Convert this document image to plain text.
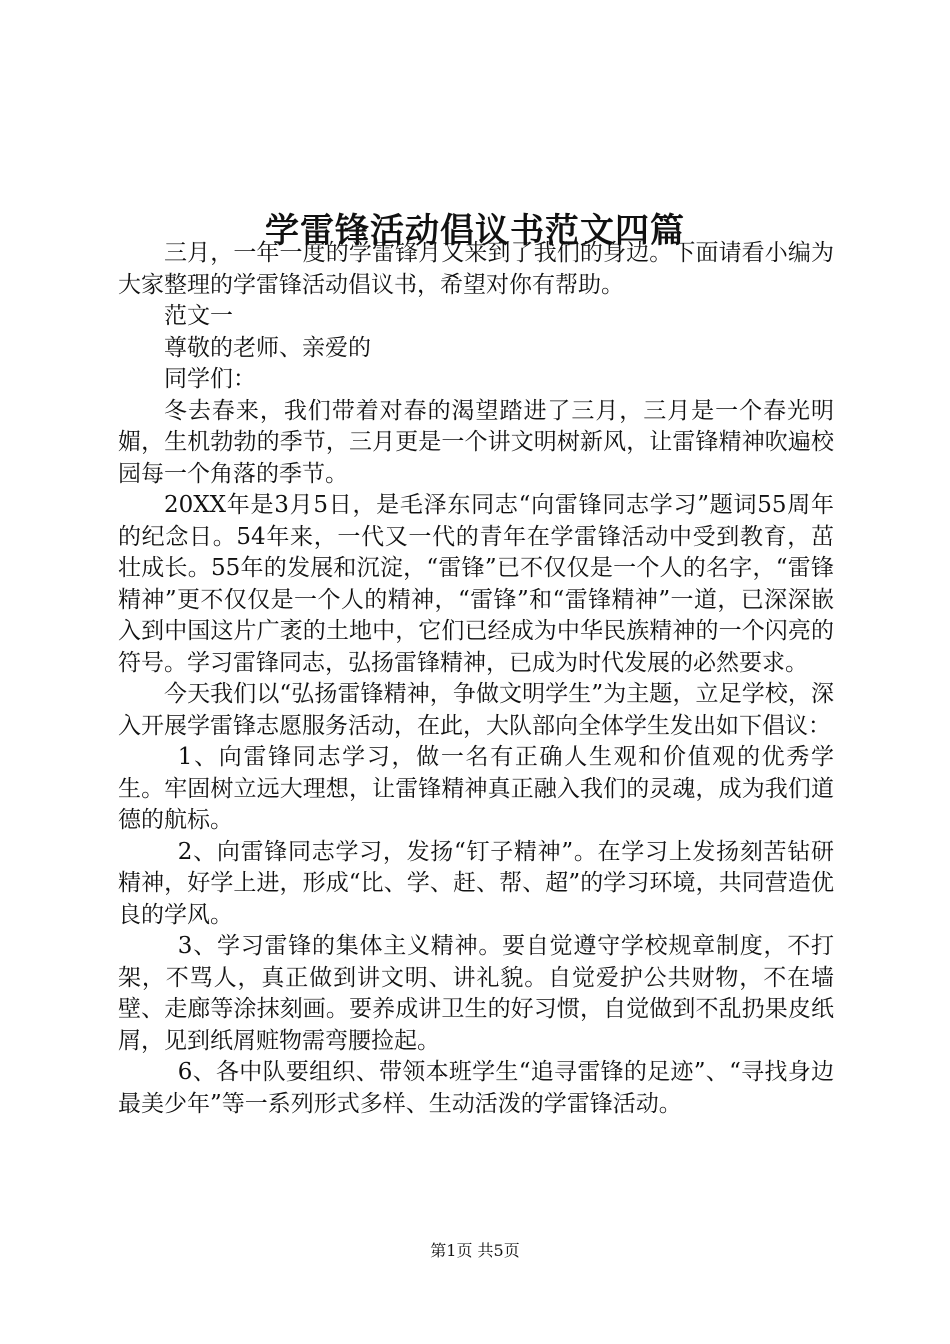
学雷锋活动倡议书范文四篇

三月，一年一度的学雷锋月又来到了我们的身边。下面请看小编为大家整理的学雷锋活动倡议书，希望对你有帮助。

范文一

尊敬的老师、亲爱的

同学们：

冬去春来，我们带着对春的渴望踏进了三月，三月是一个春光明媚，生机勃勃的季节，三月更是一个讲文明树新风，让雷锋精神吹遍校园每一个角落的季节。

20XX年是3月5日，是毛泽东同志“向雷锋同志学习”题词55周年的纪念日。54年来，一代又一代的青年在学雷锋活动中受到教育，茁壮成长。55年的发展和沉淀，“雷锋”已不仅仅是一个人的名字，“雷锋精神”更不仅仅是一个人的精神，“雷锋”和“雷锋精神”一道，已深深嵌入到中国这片广袤的土地中，它们已经成为中华民族精神的一个闪亮的符号。学习雷锋同志，弘扬雷锋精神，已成为时代发展的必然要求。

今天我们以“弘扬雷锋精神，争做文明学生”为主题，立足学校，深入开展学雷锋志愿服务活动，在此，大队部向全体学生发出如下倡议：

1、向雷锋同志学习，做一名有正确人生观和价值观的优秀学生。牢固树立远大理想，让雷锋精神真正融入我们的灵魂，成为我们道德的航标。

2、向雷锋同志学习，发扬“钉子精神”。在学习上发扬刻苦钻研精神，好学上进，形成“比、学、赶、帮、超”的学习环境，共同营造优良的学风。

3、学习雷锋的集体主义精神。要自觉遵守学校规章制度，不打架，不骂人，真正做到讲文明、讲礼貌。自觉爱护公共财物，不在墙壁、走廊等涂抹刻画。要养成讲卫生的好习惯，自觉做到不乱扔果皮纸屑，见到纸屑赃物需弯腰捡起。

6、各中队要组织、带领本班学生“追寻雷锋的足迹”、“寻找身边最美少年”等一系列形式多样、生动活泼的学雷锋活动。

第1页 共5页
